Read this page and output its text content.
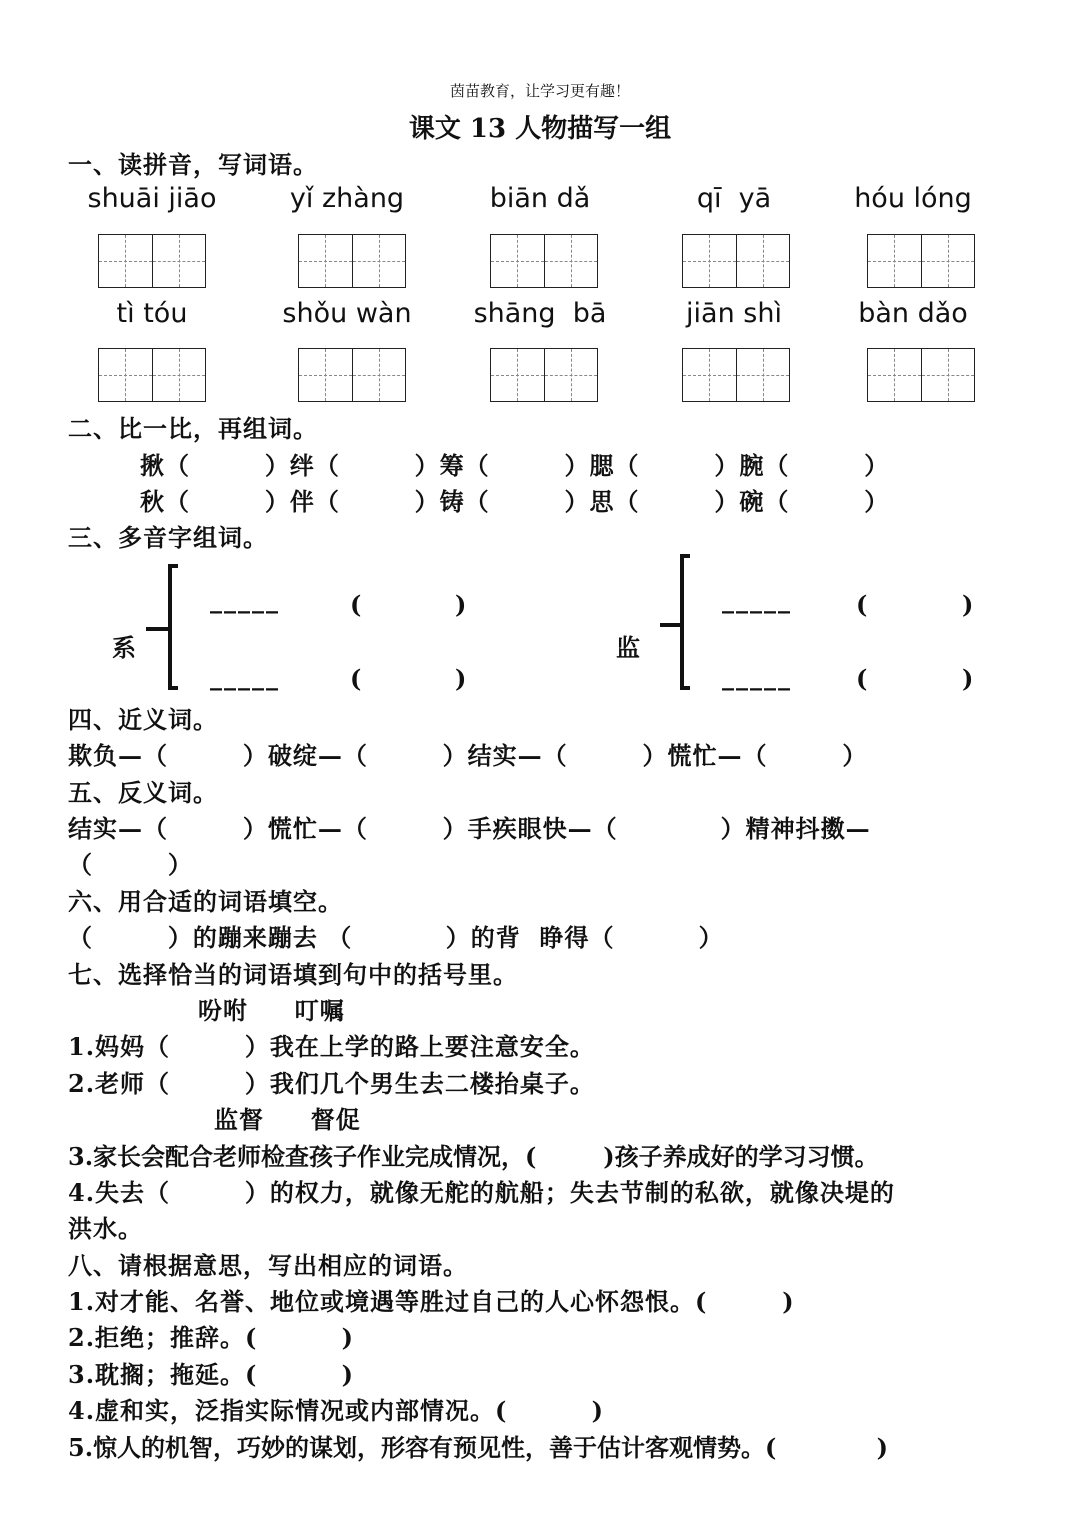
茵苗教育，让学习更有趣！
课文 13 人物描写一组
一、读拼音，写词语。
shuāi jiāo	yǐ zhàng	biān dǎ	qī  yā	hóu lóng
tì tóu	shǒu wàn	shāng  bā	jiān shì	bàn dǎo
二、比一比，再组词。
揪（        ）绊（        ）筹（        ）腮（        ）腕（        ）
秋（        ）伴（        ）铸（        ）思（        ）碗（        ）
三、多音字组词。
系
_____	(	)
_____	(	)
监
_____	(	)
_____	(	)
四、近义词。
欺负—（        ）破绽—（        ）结实—（        ）慌忙—（        ）
五、反义词。
结实—（        ）慌忙—（        ）手疾眼快—（           ）精神抖擞—
（        ）
六、用合适的词语填空。
（        ）的蹦来蹦去 （          ）的背  睁得（         ）
七、选择恰当的词语填到句中的括号里。
吩咐     叮嘱
1.妈妈（        ）我在上学的路上要注意安全。
2.老师（        ）我们几个男生去二楼抬桌子。
监督     督促
3.家长会配合老师检查孩子作业完成情况，(        )孩子养成好的学习习惯。
4.失去（        ）的权力，就像无舵的航船；失去节制的私欲，就像决堤的
洪水。
八、请根据意思，写出相应的词语。
1.对才能、名誉、地位或境遇等胜过自己的人心怀怨恨。(        )
2.拒绝；推辞。(         )
3.耽搁；拖延。(         )
4.虚和实，泛指实际情况或内部情况。(         )
5.惊人的机智，巧妙的谋划，形容有预见性，善于估计客观情势。(            )
